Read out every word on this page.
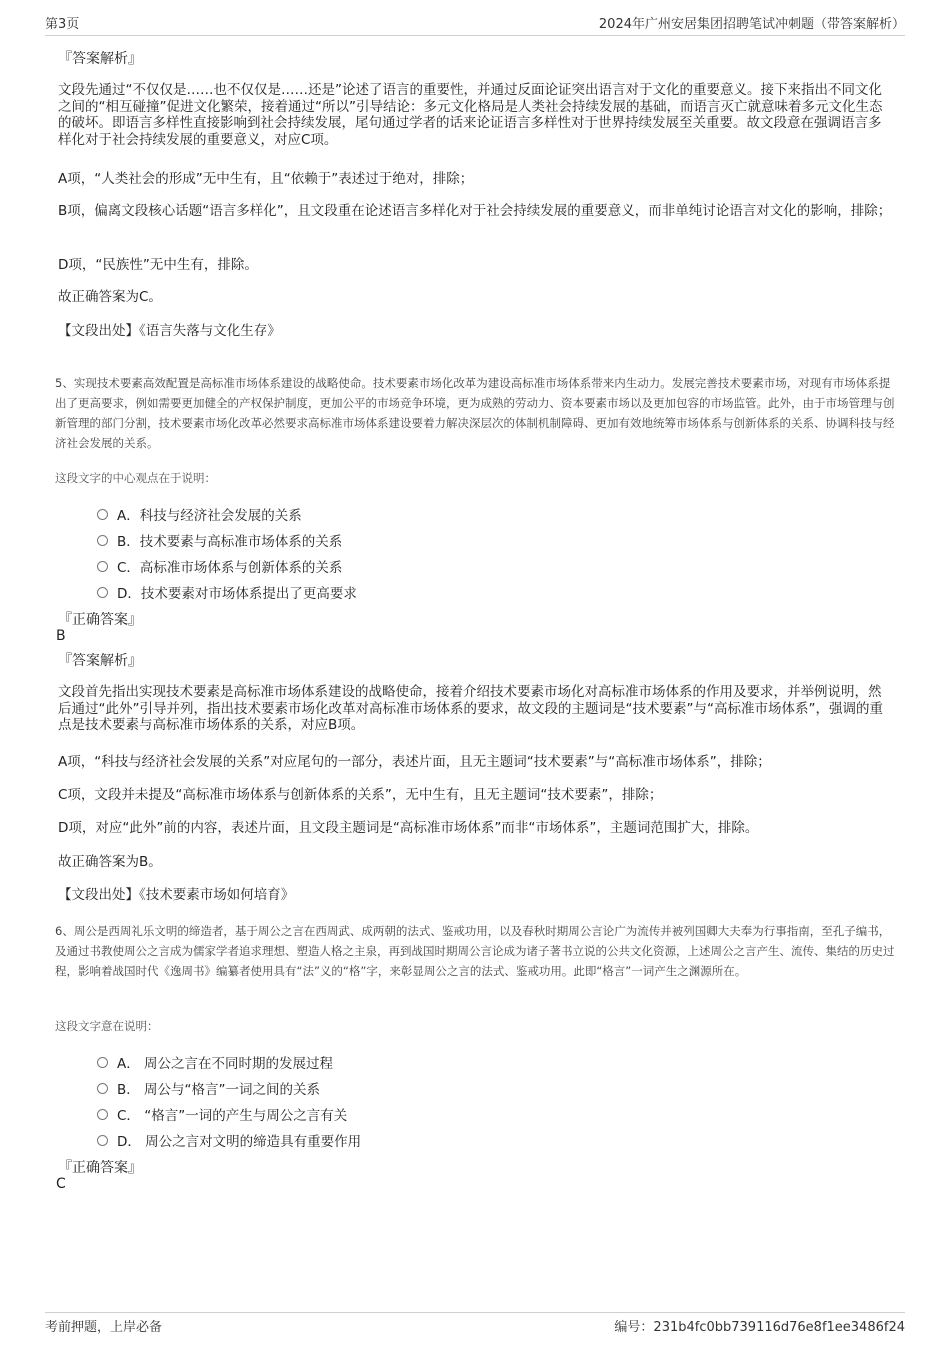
第3页	2024年广州安居集团招聘笔试冲刺题（带答案解析）
『答案解析』
文段先通过“不仅仅是……也不仅仅是……还是”论述了语言的重要性，并通过反面论证突出语言对于文化的重要意义。接下来指出不同文化之间的“相互碰撞”促进文化繁荣，接着通过“所以”引导结论：多元文化格局是人类社会持续发展的基础，而语言灭亡就意味着多元文化生态的破坏。即语言多样性直接影响到社会持续发展，尾句通过学者的话来论证语言多样性对于世界持续发展至关重要。故文段意在强调语言多样化对于社会持续发展的重要意义，对应C项。
A项，“人类社会的形成”无中生有，且“依赖于”表述过于绝对，排除；
B项，偏离文段核心话题“语言多样化”，且文段重在论述语言多样化对于社会持续发展的重要意义，而非单纯讨论语言对文化的影响，排除；
D项，“民族性”无中生有，排除。
故正确答案为C。
【文段出处】《语言失落与文化生存》
5、实现技术要素高效配置是高标准市场体系建设的战略使命。技术要素市场化改革为建设高标准市场体系带来内生动力。发展完善技术要素市场，对现有市场体系提出了更高要求，例如需要更加健全的产权保护制度，更加公平的市场竞争环境，更为成熟的劳动力、资本要素市场以及更加包容的市场监管。此外，由于市场管理与创新管理的部门分割，技术要素市场化改革必然要求高标准市场体系建设要着力解决深层次的体制机制障碍、更加有效地统筹市场体系与创新体系的关系、协调科技与经济社会发展的关系。
这段文字的中心观点在于说明：
A．科技与经济社会发展的关系
B．技术要素与高标准市场体系的关系
C．高标准市场体系与创新体系的关系
D．技术要素对市场体系提出了更高要求
『正确答案』
B
『答案解析』
文段首先指出实现技术要素是高标准市场体系建设的战略使命，接着介绍技术要素市场化对高标准市场体系的作用及要求，并举例说明，然后通过“此外”引导并列，指出技术要素市场化改革对高标准市场体系的要求，故文段的主题词是“技术要素”与“高标准市场体系”，强调的重点是技术要素与高标准市场体系的关系，对应B项。
A项，“科技与经济社会发展的关系”对应尾句的一部分，表述片面，且无主题词“技术要素”与“高标准市场体系”，排除；
C项，文段并未提及“高标准市场体系与创新体系的关系”，无中生有，且无主题词“技术要素”，排除；
D项，对应“此外”前的内容，表述片面，且文段主题词是“高标准市场体系”而非“市场体系”，主题词范围扩大，排除。
故正确答案为B。
【文段出处】《技术要素市场如何培育》
6、周公是西周礼乐文明的缔造者，基于周公之言在西周武、成两朝的法式、鉴戒功用，以及春秋时期周公言论广为流传并被列国卿大夫奉为行事指南，至孔子编书，及通过书教使周公之言成为儒家学者追求理想、塑造人格之主泉，再到战国时期周公言论成为诸子著书立说的公共文化资源，上述周公之言产生、流传、集结的历史过程，影响着战国时代《逸周书》编纂者使用具有“法”义的“格”字，来彰显周公之言的法式、鉴戒功用。此即“格言”一词产生之渊源所在。
这段文字意在说明：
A． 周公之言在不同时期的发展过程
B． 周公与“格言”一词之间的关系
C． “格言”一词的产生与周公之言有关
D． 周公之言对文明的缔造具有重要作用
『正确答案』
C
考前押题，上岸必备	编号：231b4fc0bb739116d76e8f1ee3486f24
